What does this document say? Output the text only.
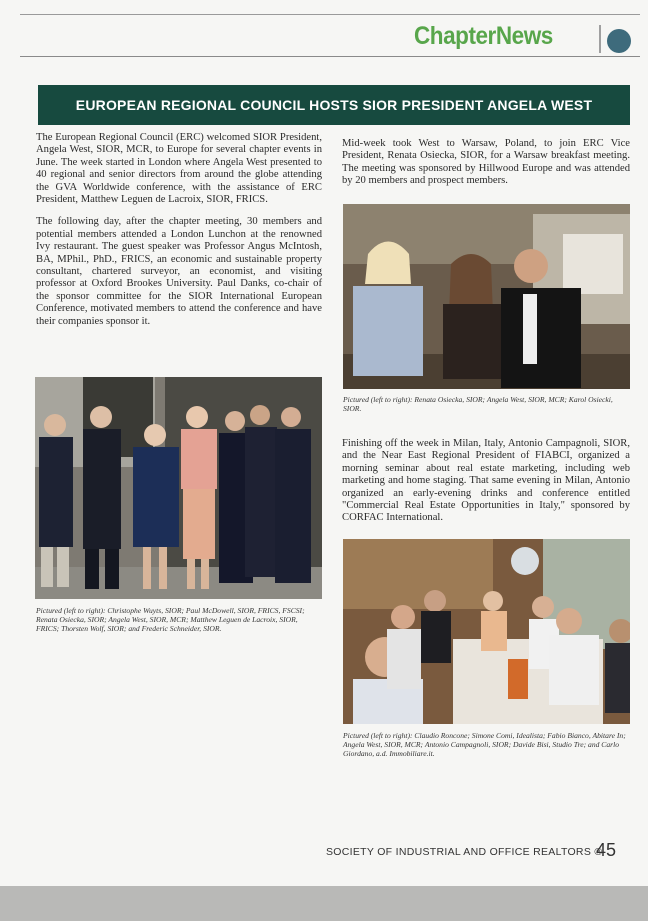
ChapterNews
EUROPEAN REGIONAL COUNCIL HOSTS SIOR PRESIDENT ANGELA WEST

The European Regional Council (ERC) welcomed SIOR President, Angela West, SIOR, MCR, to Europe for several chapter events in June. The week started in London where Angela West presented to 40 regional and senior directors from around the globe attending the GVA Worldwide conference, with the assistance of ERC President, Matthew Leguen de Lacroix, SIOR, FRICS.

The following day, after the chapter meeting, 30 members and potential members attended a London Lunchon at the renowned Ivy restaurant. The guest speaker was Professor Angus McIntosh, BA, MPhil., PhD., FRICS, an economic and sustainable property consultant, chartered surveyor, an economist, and visiting professor at Oxford Brookes University. Paul Danks, co-chair of the sponsor committee for the SIOR International European Conference, motivated members to attend the conference and have their companies sponsor it.

Pictured (left to right): Christophe Wuyts, SIOR; Paul McDowell, SIOR, FRICS, FSCSI; Renata Osiecka, SIOR; Angela West, SIOR, MCR; Matthew Leguen de Lacroix, SIOR, FRICS; Thorsten Wolf, SIOR; and Frederic Schneider, SIOR.
Mid-week took West to Warsaw, Poland, to join ERC Vice President, Renata Osiecka, SIOR, for a Warsaw breakfast meeting. The meeting was sponsored by Hillwood Europe and was attended by 20 members and prospect members.
Pictured (left to right): Renata Osiecka, SIOR; Angela West, SIOR, MCR; Karol Osiecki, SIOR.
Finishing off the week in Milan, Italy, Antonio Campagnoli, SIOR, and the Near East Regional President of FIABCI, organized a morning seminar about real estate marketing, including web marketing and home staging. That same evening in Milan, Antonio organized an early-evening drinks and conference entitled "Commercial Real Estate Opportunities in Italy," sponsored by CORFAC International.
Pictured (left to right): Claudio Roncone; Simone Comi, Idealista; Fabio Bianco, Abitare In; Angela West, SIOR, MCR; Antonio Campagnoli, SIOR; Davide Bisi, Studio Tre; and Carlo Giordano, a.d. Immobiliare.it.
SOCIETY OF INDUSTRIAL AND OFFICE REALTORS ®
45
